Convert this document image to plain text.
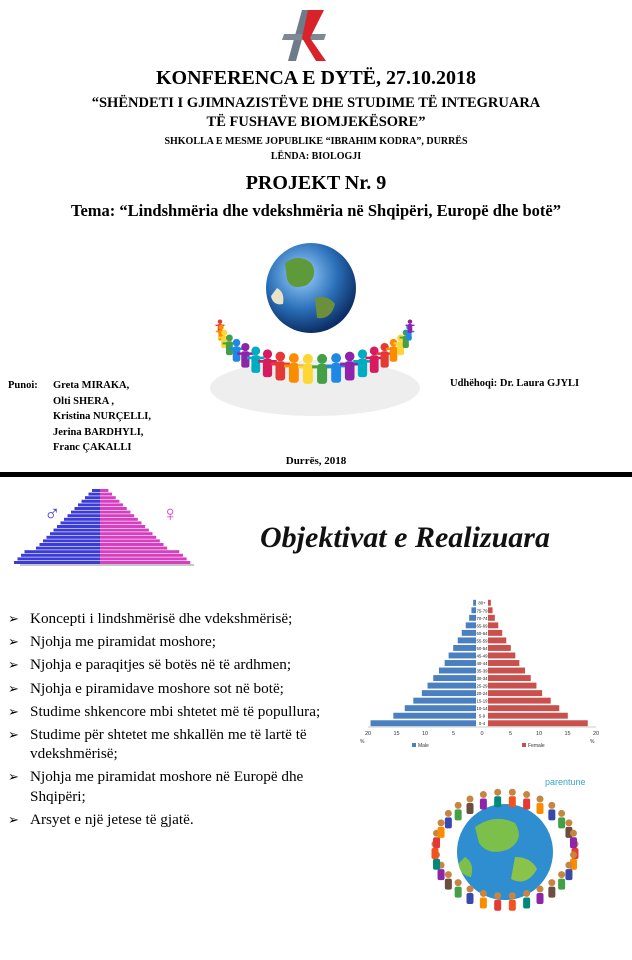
KONFERENCA E DYTË, 27.10.2018
“SHËNDETI I GJIMNAZISTËVE DHE STUDIME TË INTEGRUARA
TË FUSHAVE BIOMJEKËSORE”
SHKOLLA E MESME JOPUBLIKE “IBRAHIM KODRA”, DURRËS
LËNDA: BIOLOGJI
PROJEKT Nr. 9
Tema: “Lindshmëria dhe vdekshmëria në Shqipëri, Europë dhe botë”
Punoi: Greta MIRAKA,
Olti SHERA ,
Kristina NURÇELLI,
Jerina BARDHYLI,
Franc ÇAKALLI
Udhëhoqi: Dr. Laura GJYLI
Durrës, 2018
♂	♀
Objektivat e Realizuara
➢ Koncepti i lindshmërisë dhe vdekshmërisë;
➢ Njohja me piramidat moshore;
➢ Njohja e paraqitjes së botës në të ardhmen;
➢ Njohja e piramidave moshore sot në botë;
➢ Studime shkencore mbi shtetet më të popullura;
➢ Studime për shtetet me shkallën me të lartë të vdekshmërisë;
➢ Njohja me piramidat moshore në Europë dhe Shqipëri;
➢ Arsyet e një jetese të gjatë.
20	15	10	5	0	5	10	15	20
%	%
0-4
5-9
10-14
15-19
20-24
25-29
30-34
35-39
40-44
45-49
50-54
55-59
60-64
65-69
70-74
75-79
80+
Male	Female
parentune
